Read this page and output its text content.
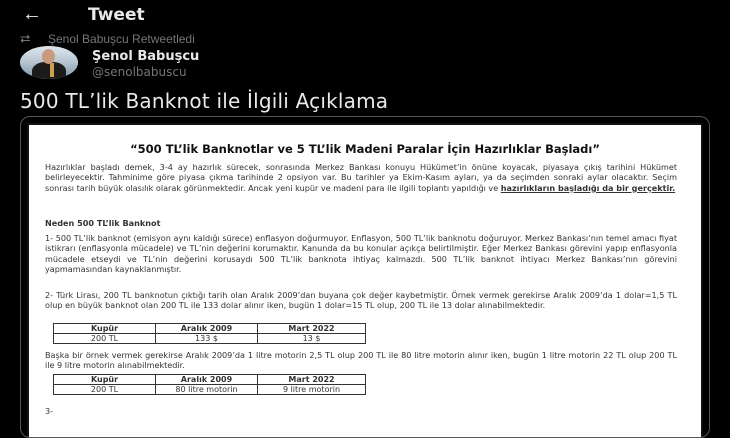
←	Tweet
⮂	Şenol Babuşcu Retweetledi
Şenol Babuşcu
@senolbabuscu
500 TL’lik Banknot ile İlgili Açıklama
“500 TL’lik Banknotlar ve 5 TL’lik Madeni Paralar İçin Hazırlıklar Başladı”
Hazırlıklar başladı demek, 3-4 ay hazırlık sürecek, sonrasında Merkez Bankası konuyu Hükümet’in önüne koyacak, piyasaya çıkış tarihini Hükümet belirleyecektir. Tahminime göre piyasa çıkma tarihinde 2 opsiyon var. Bu tarihler ya Ekim-Kasım ayları, ya da seçimden sonraki aylar olacaktır. Seçim sonrası tarih büyük olasılık olarak görünmektedir. Ancak yeni kupür ve madeni para ile ilgili toplantı yapıldığı ve hazırlıkların başladığı da bir gerçektir.
Neden 500 TL’lik Banknot
1- 500 TL’lik banknot (emisyon aynı kaldığı sürece) enflasyon doğurmuyor. Enflasyon, 500 TL’lik banknotu doğuruyor. Merkez Bankası’nın temel amacı fiyat istikrarı (enflasyonla mücadele) ve TL’nin değerini korumaktır. Kanunda da bu konular açıkça belirtilmiştir. Eğer Merkez Bankası görevini yapıp enflasyonla mücadele etseydi ve TL’nin değerini korusaydı 500 TL’lik banknota ihtiyaç kalmazdı. 500 TL’lik banknot ihtiyacı Merkez Bankası’nın görevini yapmamasından kaynaklanmıştır.
2- Türk Lirası, 200 TL banknotun çıktığı tarih olan Aralık 2009’dan buyana çok değer kaybetmiştir. Örnek vermek gerekirse Aralık 2009’da 1 dolar=1,5 TL olup en büyük banknot olan 200 TL ile 133 dolar alınır iken, bugün 1 dolar=15 TL olup, 200 TL ile 13 dolar alınabilmektedir.
Kupür	Aralık 2009	Mart 2022
200 TL	133 $	13 $
Başka bir örnek vermek gerekirse Aralık 2009’da 1 litre motorin 2,5 TL olup 200 TL ile 80 litre motorin alınır iken, bugün 1 litre motorin 22 TL olup 200 TL ile 9 litre motorin alınabilmektedir.
Kupür	Aralık 2009	Mart 2022
200 TL	80 litre motorin	9 litre motorin
3-
